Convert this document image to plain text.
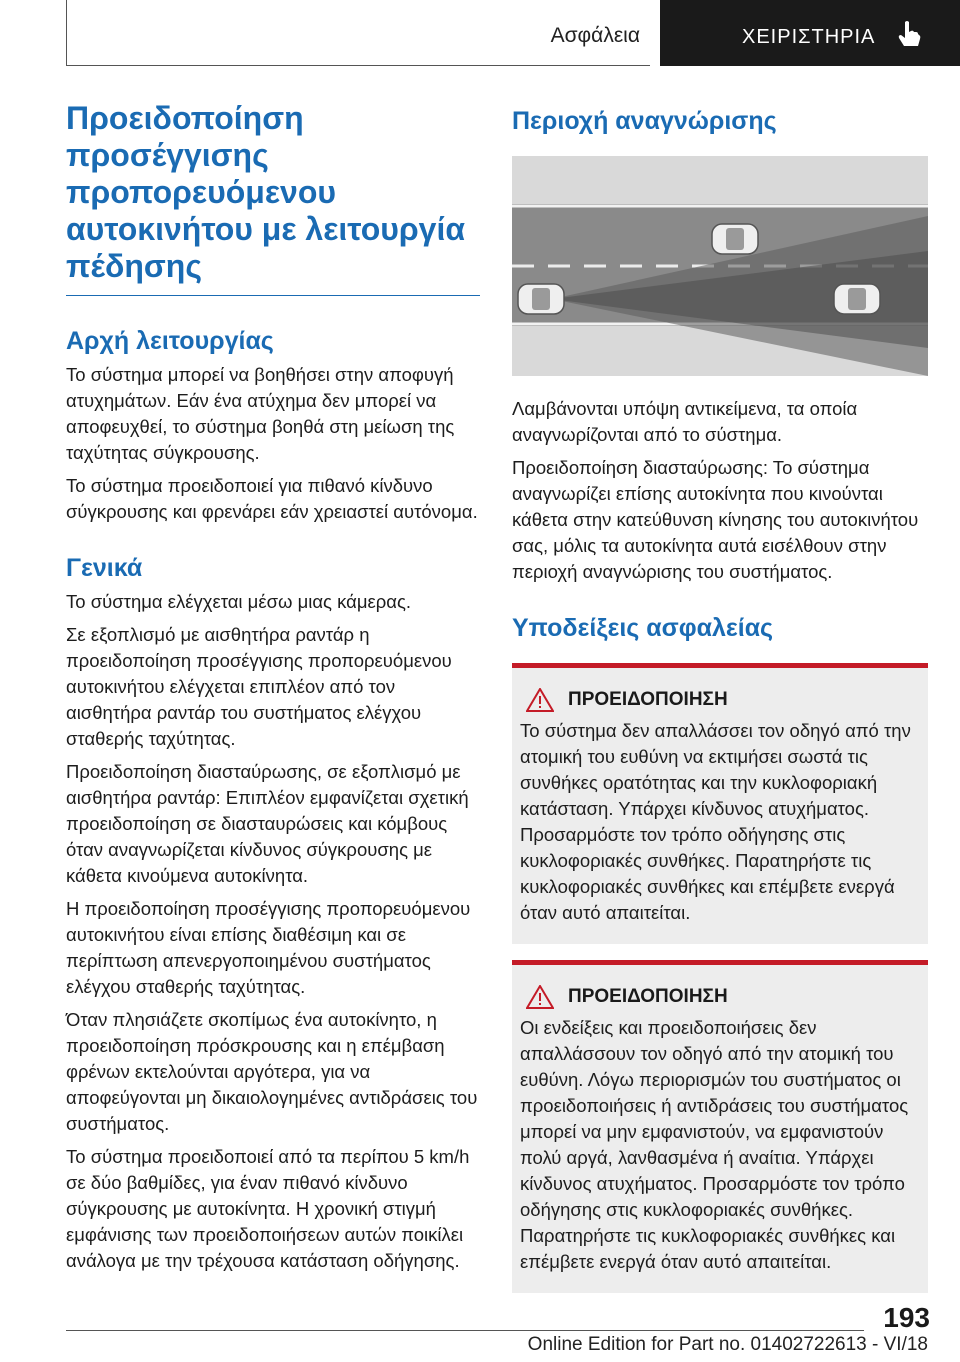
Ασφάλεια	ΧΕΙΡΙΣΤΗΡΙΑ
Προειδοποίηση προσέγγισης προπορευόμενου αυτοκινήτου με λειτουργία πέδησης
Αρχή λειτουργίας

Το σύστημα μπορεί να βοηθήσει στην αποφυγή ατυχημάτων. Εάν ένα ατύχημα δεν μπορεί να αποφευχθεί, το σύστημα βοηθά στη μείωση της ταχύτητας σύγκρουσης.

Το σύστημα προειδοποιεί για πιθανό κίνδυνο σύγκρουσης και φρενάρει εάν χρειαστεί αυτόνομα.

Γενικά

Το σύστημα ελέγχεται μέσω μιας κάμερας.

Σε εξοπλισμό με αισθητήρα ραντάρ η προειδοποίηση προσέγγισης προπορευόμενου αυτοκινήτου ελέγχεται επιπλέον από τον αισθητήρα ραντάρ του συστήματος ελέγχου σταθερής ταχύτητας.

Προειδοποίηση διασταύρωσης, σε εξοπλισμό με αισθητήρα ραντάρ: Επιπλέον εμφανίζεται σχετική προειδοποίηση σε διασταυρώσεις και κόμβους όταν αναγνωρίζεται κίνδυνος σύγκρουσης με κάθετα κινούμενα αυτοκίνητα.

Η προειδοποίηση προσέγγισης προπορευόμενου αυτοκινήτου είναι επίσης διαθέσιμη και σε περίπτωση απενεργοποιημένου συστήματος ελέγχου σταθερής ταχύτητας.

Όταν πλησιάζετε σκοπίμως ένα αυτοκίνητο, η προειδοποίηση πρόσκρουσης και η επέμβαση φρένων εκτελούνται αργότερα, για να αποφεύγονται μη δικαιολογημένες αντιδράσεις του συστήματος.

Το σύστημα προειδοποιεί από τα περίπου 5 km/h σε δύο βαθμίδες, για έναν πιθανό κίνδυνο σύγκρουσης με αυτοκίνητα. Η χρονική στιγμή εμφάνισης των προειδοποιήσεων αυτών ποικίλει ανάλογα με την τρέχουσα κατάσταση οδήγησης.

Περιοχή αναγνώρισης

Λαμβάνονται υπόψη αντικείμενα, τα οποία αναγνωρίζονται από το σύστημα.

Προειδοποίηση διασταύρωσης: Το σύστημα αναγνωρίζει επίσης αυτοκίνητα που κινούνται κάθετα στην κατεύθυνση κίνησης του αυτοκινήτου σας, μόλις τα αυτοκίνητα αυτά εισέλθουν στην περιοχή αναγνώρισης του συστήματος.

Υποδείξεις ασφαλείας
ΠΡΟΕΙΔΟΠΟΙΗΣΗ

Το σύστημα δεν απαλλάσσει τον οδηγό από την ατομική του ευθύνη να εκτιμήσει σωστά τις συνθήκες ορατότητας και την κυκλοφοριακή κατάσταση. Υπάρχει κίνδυνος ατυχήματος. Προσαρμόστε τον τρόπο οδήγησης στις κυκλοφοριακές συνθήκες. Παρατηρήστε τις κυκλοφοριακές συνθήκες και επέμβετε ενεργά όταν αυτό απαιτείται.

ΠΡΟΕΙΔΟΠΟΙΗΣΗ

Οι ενδείξεις και προειδοποιήσεις δεν απαλλάσσουν τον οδηγό από την ατομική του ευθύνη. Λόγω περιορισμών του συστήματος οι προειδοποιήσεις ή αντιδράσεις του συστήματος μπορεί να μην εμφανιστούν, να εμφανιστούν πολύ αργά, λανθασμένα ή αναίτια. Υπάρχει κίνδυνος ατυχήματος. Προσαρμόστε τον τρόπο οδήγησης στις κυκλοφοριακές συνθήκες. Παρατηρήστε τις κυκλοφοριακές συνθήκες και επέμβετε ενεργά όταν αυτό απαιτείται.

193
Online Edition for Part no. 01402722613 - VI/18
